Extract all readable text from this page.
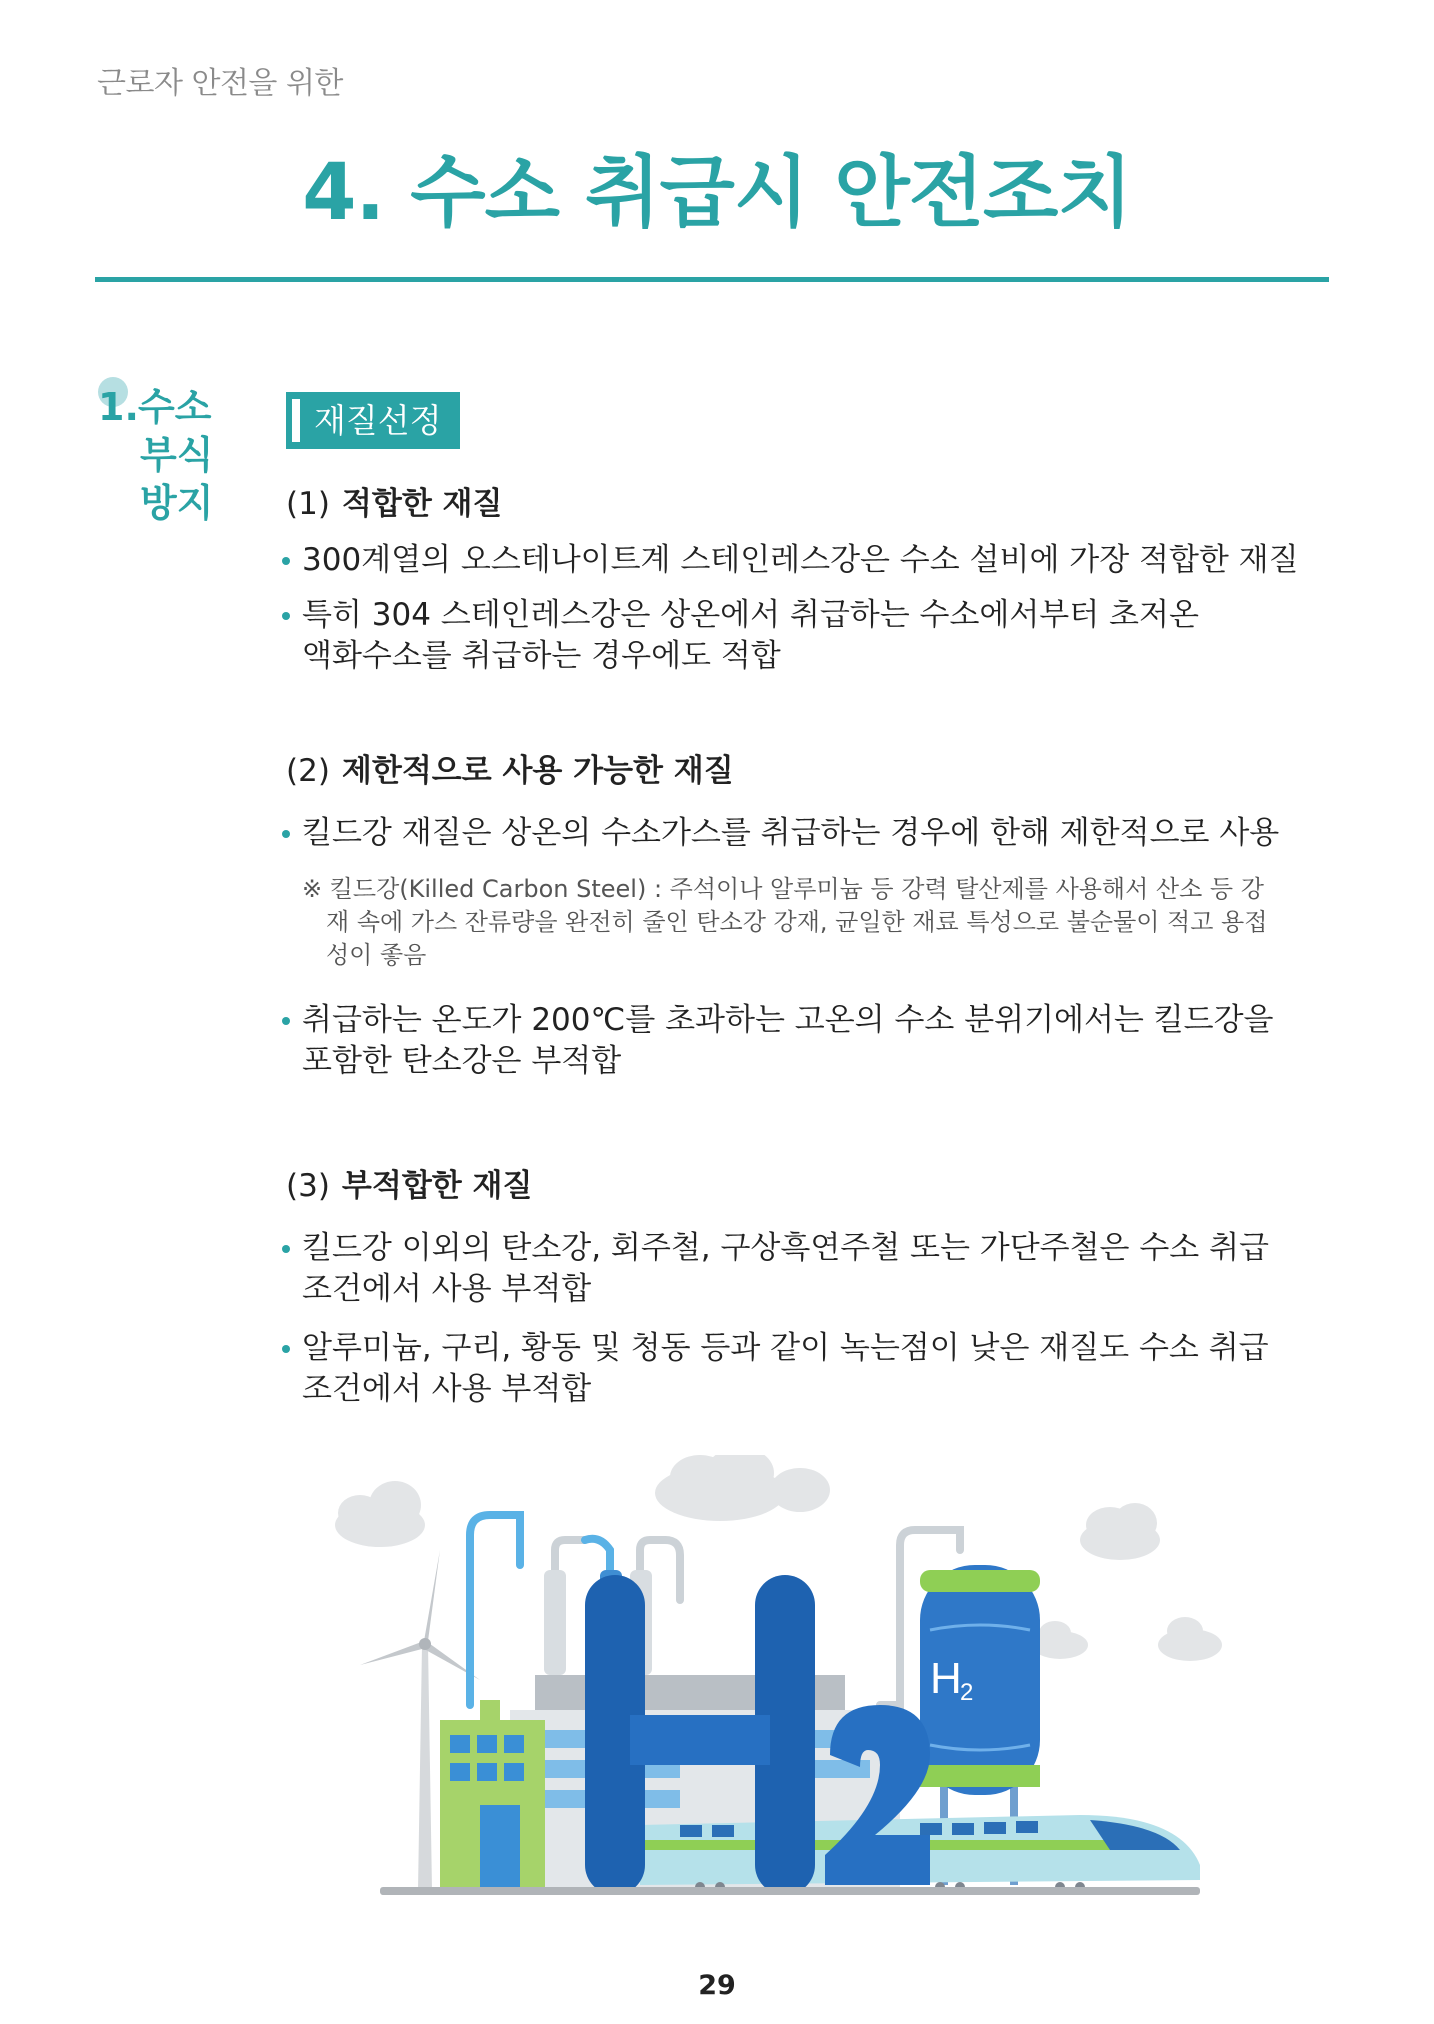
근로자 안전을 위한
4. 수소 취급시 안전조치
1.수소
부식
방지
재질선정
(1) 적합한 재질
300계열의 오스테나이트계 스테인레스강은 수소 설비에 가장 적합한 재질
특히 304 스테인레스강은 상온에서 취급하는 수소에서부터 초저온
액화수소를 취급하는 경우에도 적합
(2) 제한적으로 사용 가능한 재질
킬드강 재질은 상온의 수소가스를 취급하는 경우에 한해 제한적으로 사용
※ 킬드강(Killed Carbon Steel) : 주석이나 알루미늄 등 강력 탈산제를 사용해서 산소 등 강재 속에 가스 잔류량을 완전히 줄인 탄소강 강재, 균일한 재료 특성으로 불순물이 적고 용접성이 좋음
취급하는 온도가 200℃를 초과하는 고온의 수소 분위기에서는 킬드강을
포함한 탄소강은 부적합
(3) 부적합한 재질
킬드강 이외의 탄소강, 회주철, 구상흑연주철 또는 가단주철은 수소 취급
조건에서 사용 부적합
알루미늄, 구리, 황동 및 청동 등과 같이 녹는점이 낮은 재질도 수소 취급
조건에서 사용 부적합
H
2
H	2
29
